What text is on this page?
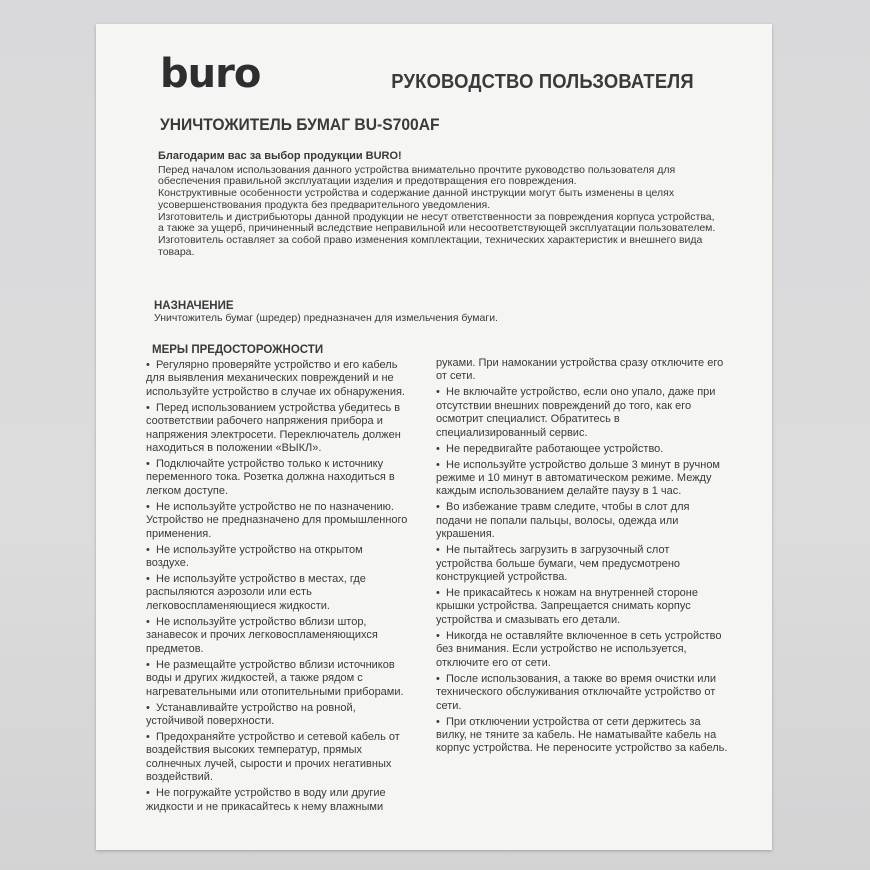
buro	РУКОВОДСТВО ПОЛЬЗОВАТЕЛЯ
УНИЧТОЖИТЕЛЬ БУМАГ BU-S700AF

Благодарим вас за выбор продукции BURO!

Перед началом использования данного устройства внимательно прочтите руководство пользователя для обеспечения правильной эксплуатации изделия и предотвращения его повреждения.

Конструктивные особенности устройства и содержание данной инструкции могут быть изменены в целях усовершенствования продукта без предварительного уведомления.

Изготовитель и дистрибьюторы данной продукции не несут ответственности за повреждения корпуса устройства, а также за ущерб, причиненный вследствие неправильной или несоответствующей эксплуатации пользователем.

Изготовитель оставляет за собой право изменения комплектации, технических характеристик и внешнего вида товара.

НАЗНАЧЕНИЕ

Уничтожитель бумаг (шредер) предназначен для измельчения бумаги.

МЕРЫ ПРЕДОСТОРОЖНОСТИ

• Регулярно проверяйте устройство и его кабель для выявления механических повреждений и не используйте устройство в случае их обнаружения.

• Перед использованием устройства убедитесь в соответствии рабочего напряжения прибора и напряжения электросети. Переключатель должен находиться в положении «ВЫКЛ».

• Подключайте устройство только к источнику переменного тока. Розетка должна находиться в легком доступе.

• Не используйте устройство не по назначению. Устройство не предназначено для промышленного применения.

• Не используйте устройство на открытом воздухе.

• Не используйте устройство в местах, где распыляются аэрозоли или есть легковоспламеняющиеся жидкости.

• Не используйте устройство вблизи штор, занавесок и прочих легковоспламеняющихся предметов.

• Не размещайте устройство вблизи источников воды и других жидкостей, а также рядом с нагревательными или отопительными приборами.

• Устанавливайте устройство на ровной, устойчивой поверхности.

• Предохраняйте устройство и сетевой кабель от воздействия высоких температур, прямых солнечных лучей, сырости и прочих негативных воздействий.

• Не погружайте устройство в воду или другие жидкости и не прикасайтесь к нему влажными

руками. При намокании устройства сразу отключите его от сети.

• Не включайте устройство, если оно упало, даже при отсутствии внешних повреждений до того, как его осмотрит специалист. Обратитесь в специализированный сервис.

• Не передвигайте работающее устройство.

• Не используйте устройство дольше 3 минут в ручном режиме и 10 минут в автоматическом режиме. Между каждым использованием делайте паузу в 1 час.

• Во избежание травм следите, чтобы в слот для подачи не попали пальцы, волосы, одежда или украшения.

• Не пытайтесь загрузить в загрузочный слот устройства больше бумаги, чем предусмотрено конструкцией устройства.

• Не прикасайтесь к ножам на внутренней стороне крышки устройства. Запрещается снимать корпус устройства и смазывать его детали.

• Никогда не оставляйте включенное в сеть устройство без внимания. Если устройство не используется, отключите его от сети.

• После использования, а также во время очистки или технического обслуживания отключайте устройство от сети.

• При отключении устройства от сети держитесь за вилку, не тяните за кабель. Не наматывайте кабель на корпус устройства. Не переносите устройство за кабель.
